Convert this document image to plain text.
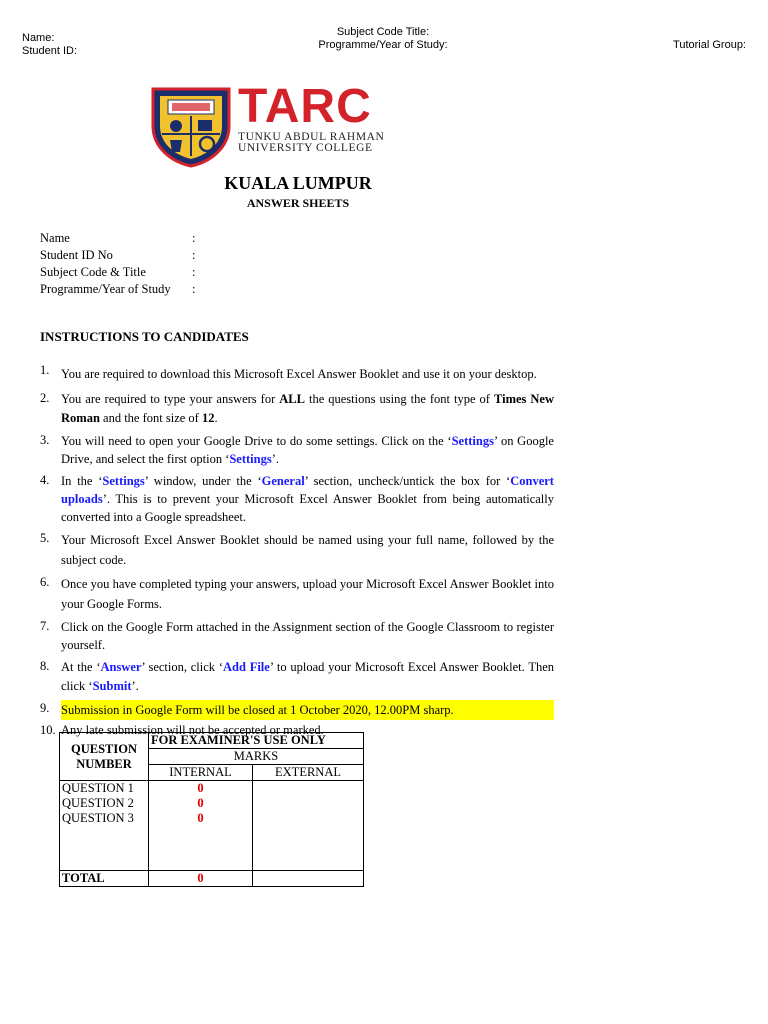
Name:
Student ID:
Subject Code Title:
Programme/Year of Study:	Tutorial Group:
TARC
TUNKU ABDUL RAHMAN
UNIVERSITY COLLEGE
KUALA LUMPUR
ANSWER SHEETS
Name	:
Student ID No	:
Subject Code & Title	:
Programme/Year of Study	:
INSTRUCTIONS TO CANDIDATES
1. You are required to download this Microsoft Excel Answer Booklet and use it on your desktop.
2. You are required to type your answers for ALL the questions using the font type of Times New Roman and the font size of 12.
3. You will need to open your Google Drive to do some settings. Click on the ‘Settings’ on Google Drive, and select the first option ‘Settings’.
4. In the ‘Settings’ window, under the ‘General’ section, uncheck/untick the box for ‘Convert uploads’. This is to prevent your Microsoft Excel Answer Booklet from being automatically converted into a Google spreadsheet.
5. Your Microsoft Excel Answer Booklet should be named using your full name, followed by the subject code.
6. Once you have completed typing your answers, upload your Microsoft Excel Answer Booklet into your Google Forms.
7. Click on the Google Form attached in the Assignment section of the Google Classroom to register yourself.
8. At the ‘Answer’ section, click ‘Add File’ to upload your Microsoft Excel Answer Booklet. Then click ‘Submit’.
9. Submission in Google Form will be closed at 1 October 2020, 12.00PM sharp.
10. Any late submission will not be accepted or marked.
QUESTION NUMBER	FOR EXAMINER'S USE ONLY	
	MARKS	
	INTERNAL	EXTERNAL
QUESTION 1	0	
QUESTION 2	0	
QUESTION 3	0	

TOTAL	0	
